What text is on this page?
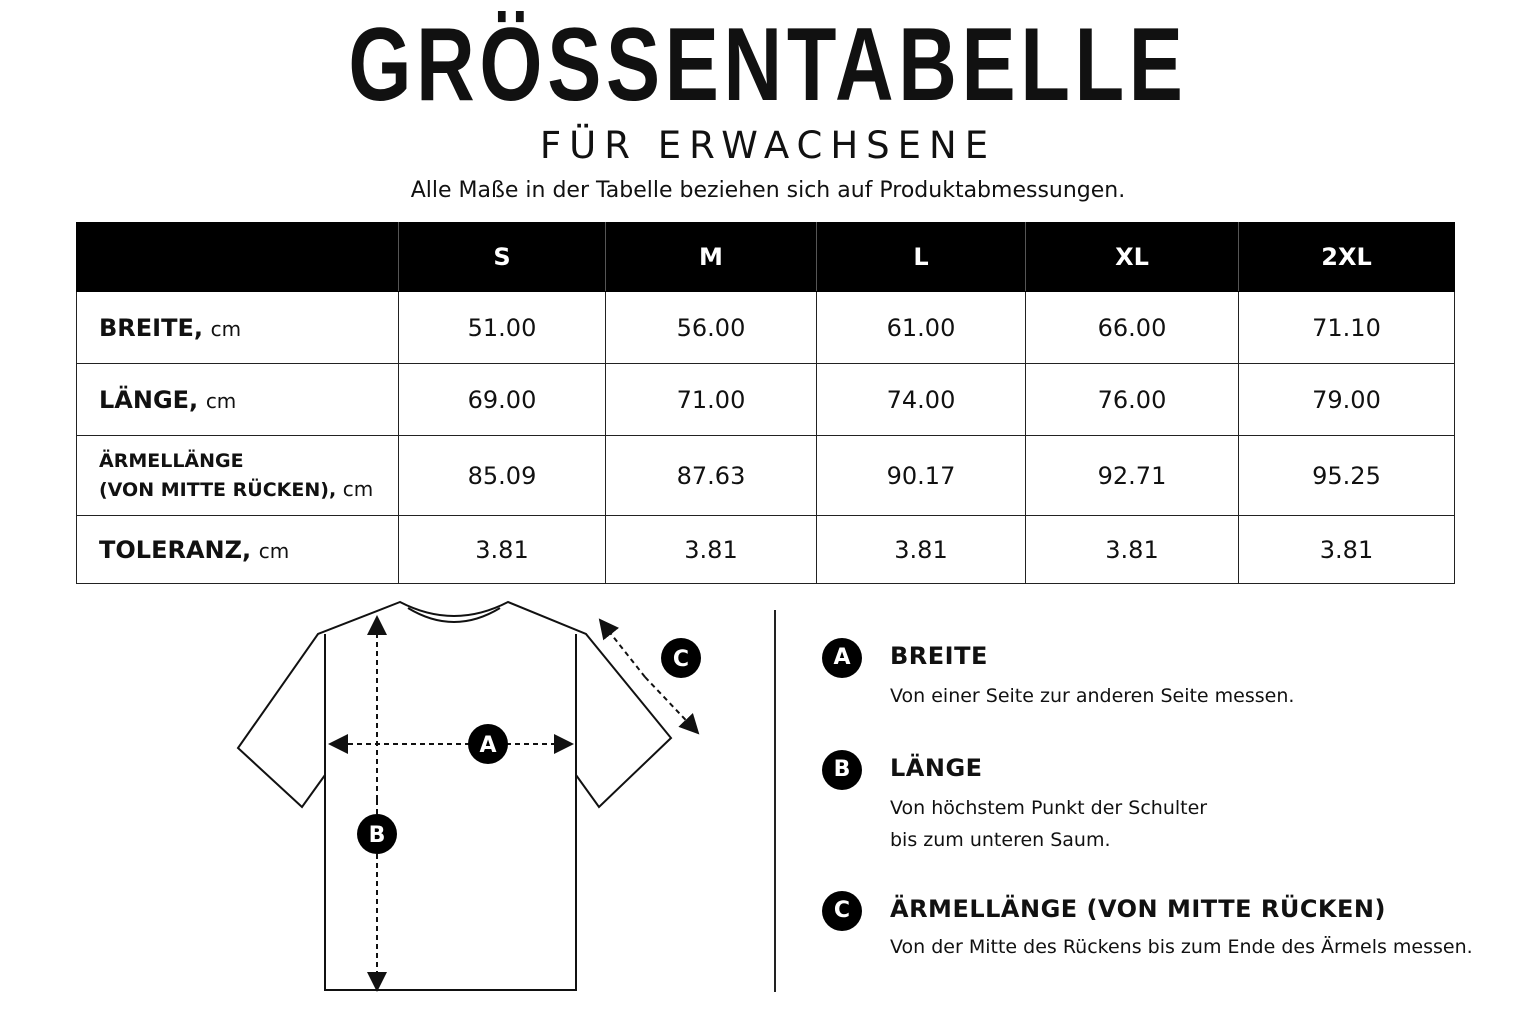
GRÖSSENTABELLE
FÜR ERWACHSENE
Alle Maße in der Tabelle beziehen sich auf Produktabmessungen.
	S	M	L	XL	2XL
BREITE, cm	51.00	56.00	61.00	66.00	71.10
LÄNGE, cm	69.00	71.00	74.00	76.00	79.00

ÄRMELLÄNGE
(VON MITTE RÜCKEN), cm	85.09	87.63	90.17	92.71	95.25
TOLERANZ, cm	3.81	3.81	3.81	3.81	3.81
A
B
C	A	BREITE
Von einer Seite zur anderen Seite messen.
B	LÄNGE
Von höchstem Punkt der Schulter
bis zum unteren Saum.
C	ÄRMELLÄNGE (VON MITTE RÜCKEN)
Von der Mitte des Rückens bis zum Ende des Ärmels messen.
